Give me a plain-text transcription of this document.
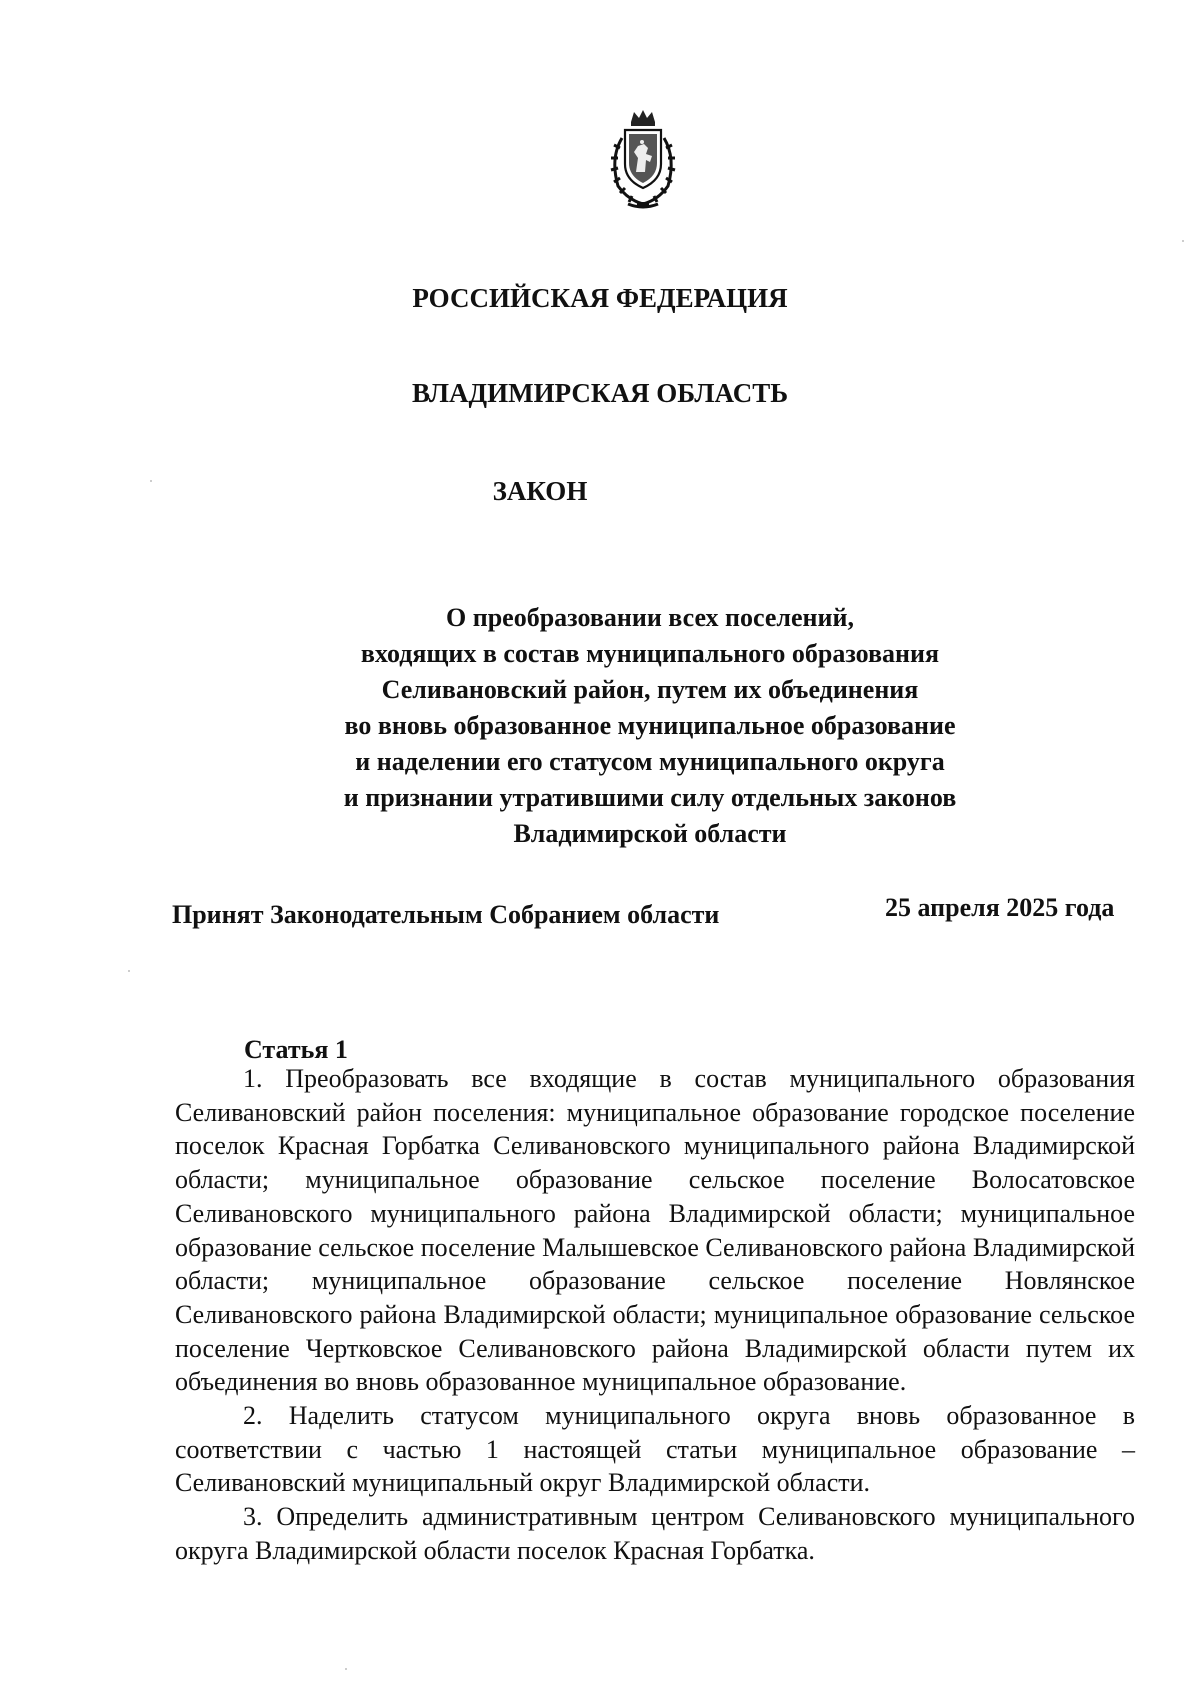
РОССИЙСКАЯ ФЕДЕРАЦИЯ
ВЛАДИМИРСКАЯ ОБЛАСТЬ
ЗАКОН
О преобразовании всех поселений,
входящих в состав муниципального образования
Селивановский район, путем их объединения
во вновь образованное муниципальное образование
и наделении его статусом муниципального округа
и признании утратившими силу отдельных законов
Владимирской области
Принят Законодательным Собранием области	25 апреля 2025 года
Статья 1

1. Преобразовать все входящие в состав муниципального образования Селивановский район поселения: муниципальное образование городское поселение поселок Красная Горбатка Селивановского муниципального района Владимирской области; муниципальное образование сельское поселение Волосатовское Селивановского муниципального района Владимирской области; муниципальное образование сельское поселение Малышевское Селивановского района Владимирской области; муниципальное образование сельское поселение Новлянское Селивановского района Владимирской области; муниципальное образование сельское поселение Чертковское Селивановского района Владимирской области путем их объединения во вновь образованное муниципальное образование.

2. Наделить статусом муниципального округа вновь образованное в соответствии с частью 1 настоящей статьи муниципальное образование – Селивановский муниципальный округ Владимирской области.

3. Определить административным центром Селивановского муниципального округа Владимирской области поселок Красная Горбатка.
